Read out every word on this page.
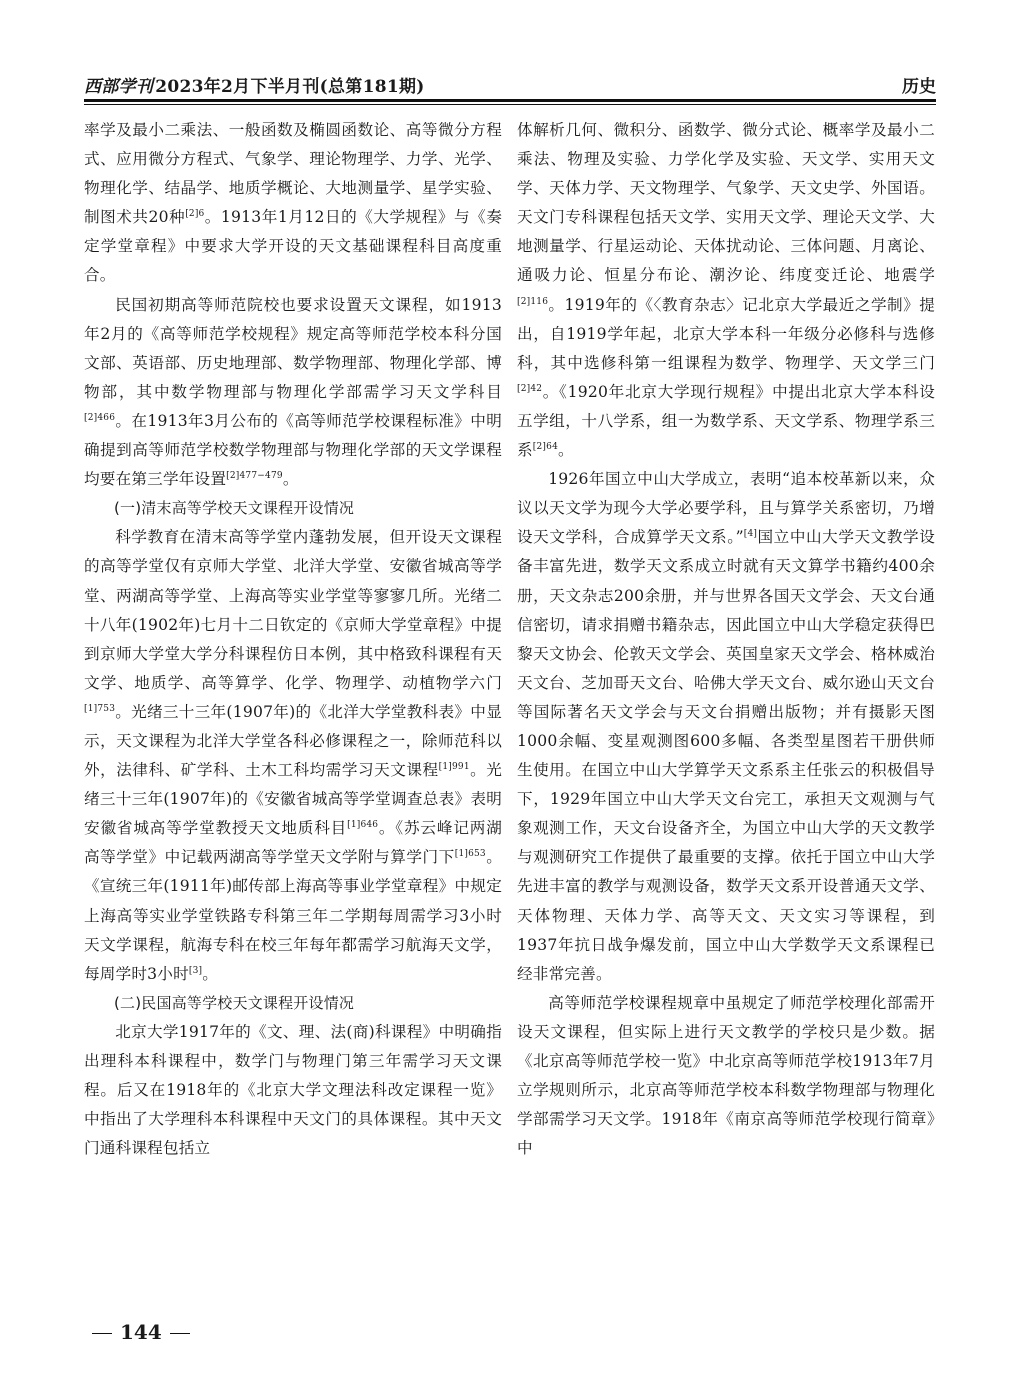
西部学刊 2023年2月下半月刊(总第181期)	历史

率学及最小二乘法、一般函数及椭圆函数论、高等微分方程式、应用微分方程式、气象学、理论物理学、力学、光学、物理化学、结晶学、地质学概论、大地测量学、星学实验、制图术共20种$^{[2]6}$。1913年1月12日的《大学规程》与《奏定学堂章程》中要求大学开设的天文基础课程科目高度重合。

民国初期高等师范院校也要求设置天文课程，如1913年2月的《高等师范学校规程》规定高等师范学校本科分国文部、英语部、历史地理部、数学物理部、物理化学部、博物部，其中数学物理部与物理化学部需学习天文学科目$^{[2]466}$。在1913年3月公布的《高等师范学校课程标准》中明确提到高等师范学校数学物理部与物理化学部的天文学课程均要在第三学年设置$^{[2]477-479}$。

(一)清末高等学校天文课程开设情况

科学教育在清末高等学堂内蓬勃发展，但开设天文课程的高等学堂仅有京师大学堂、北洋大学堂、安徽省城高等学堂、两湖高等学堂、上海高等实业学堂等寥寥几所。光绪二十八年(1902年)七月十二日钦定的《京师大学堂章程》中提到京师大学堂大学分科课程仿日本例，其中格致科课程有天文学、地质学、高等算学、化学、物理学、动植物学六门$^{[1]753}$。光绪三十三年(1907年)的《北洋大学堂教科表》中显示，天文课程为北洋大学堂各科必修课程之一，除师范科以外，法律科、矿学科、土木工科均需学习天文课程$^{[1]991}$。光绪三十三年(1907年)的《安徽省城高等学堂调查总表》表明安徽省城高等学堂教授天文地质科目$^{[1]646}$。《苏云峰记两湖高等学堂》中记载两湖高等学堂天文学附与算学门下$^{[1]653}$。《宣统三年(1911年)邮传部上海高等事业学堂章程》中规定上海高等实业学堂铁路专科第三年二学期每周需学习3小时天文学课程，航海专科在校三年每年都需学习航海天文学，每周学时3小时[3]。

(二)民国高等学校天文课程开设情况

北京大学1917年的《文、理、法(商)科课程》中明确指出理科本科课程中，数学门与物理门第三年需学习天文课程。后又在1918年的《北京大学文理法科改定课程一览》中指出了大学理科本科课程中天文门的具体课程。其中天文门通科课程包括立

体解析几何、微积分、函数学、微分式论、概率学及最小二乘法、物理及实验、力学化学及实验、天文学、实用天文学、天体力学、天文物理学、气象学、天文史学、外国语。天文门专科课程包括天文学、实用天文学、理论天文学、大地测量学、行星运动论、天体扰动论、三体问题、月离论、通吸力论、恒星分布论、潮汐论、纬度变迁论、地震学$^{[2]116}$。1919年的《〈教育杂志〉记北京大学最近之学制》提出，自1919学年起，北京大学本科一年级分必修科与选修科，其中选修科第一组课程为数学、物理学、天文学三门$^{[2]42}$。《1920年北京大学现行规程》中提出北京大学本科设五学组，十八学系，组一为数学系、天文学系、物理学系三系$^{[2]64}$。

1926年国立中山大学成立，表明“追本校革新以来，众议以天文学为现今大学必要学科，且与算学关系密切，乃增设天文学科，合成算学天文系。”[4]国立中山大学天文教学设备丰富先进，数学天文系成立时就有天文算学书籍约400余册，天文杂志200余册，并与世界各国天文学会、天文台通信密切，请求捐赠书籍杂志，因此国立中山大学稳定获得巴黎天文协会、伦敦天文学会、英国皇家天文学会、格林威治天文台、芝加哥天文台、哈佛大学天文台、威尔逊山天文台等国际著名天文学会与天文台捐赠出版物；并有摄影天图1000余幅、变星观测图600多幅、各类型星图若干册供师生使用。在国立中山大学算学天文系系主任张云的积极倡导下，1929年国立中山大学天文台完工，承担天文观测与气象观测工作，天文台设备齐全，为国立中山大学的天文教学与观测研究工作提供了最重要的支撑。依托于国立中山大学先进丰富的教学与观测设备，数学天文系开设普通天文学、天体物理、天体力学、高等天文、天文实习等课程，到1937年抗日战争爆发前，国立中山大学数学天文系课程已经非常完善。

高等师范学校课程规章中虽规定了师范学校理化部需开设天文课程，但实际上进行天文教学的学校只是少数。据《北京高等师范学校一览》中北京高等师范学校1913年7月立学规则所示，北京高等师范学校本科数学物理部与物理化学部需学习天文学。1918年《南京高等师范学校现行简章》中

144
